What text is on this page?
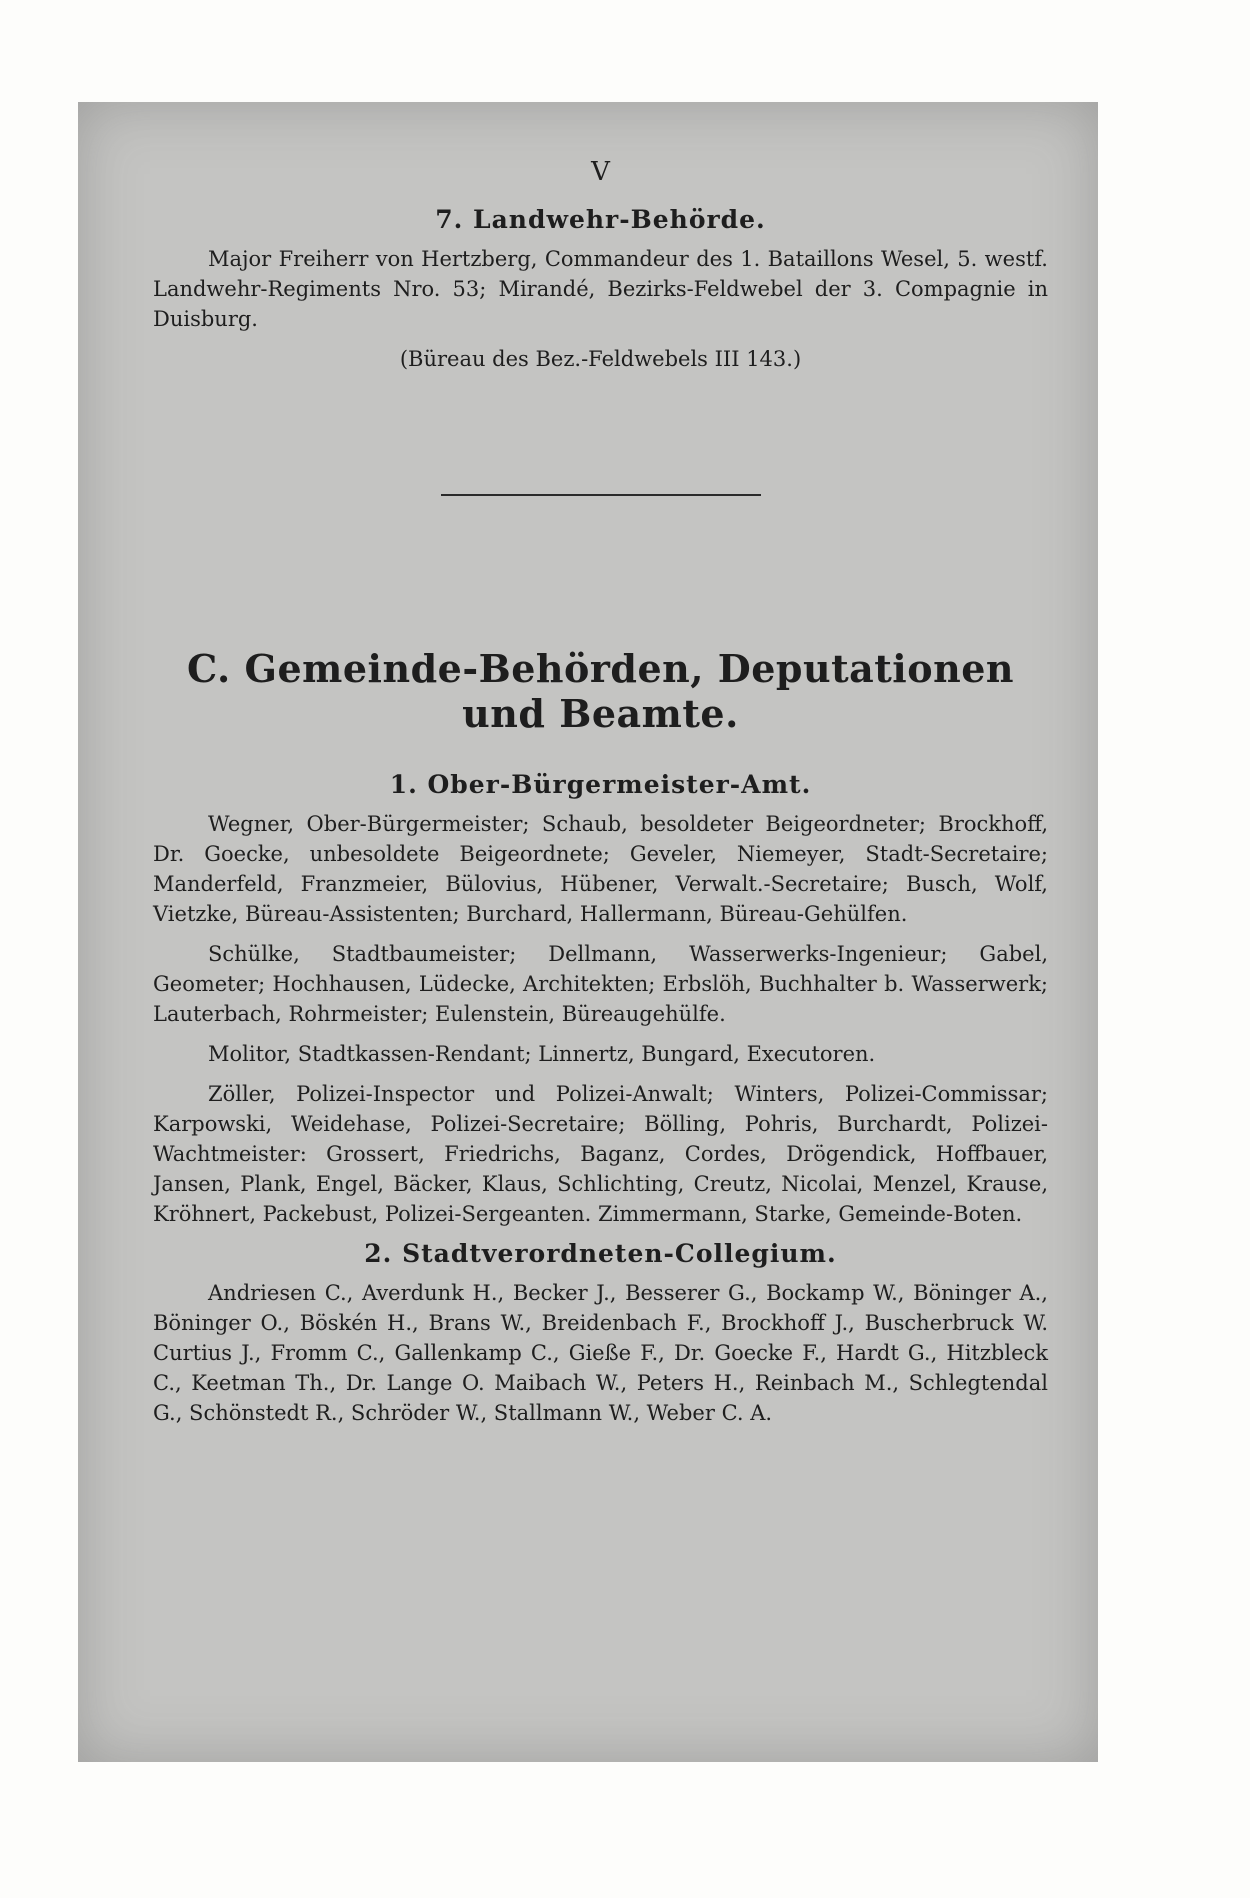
V
7. Landwehr-Behörde.

Major Freiherr von Hertzberg, Commandeur des 1. Bataillons Wesel, 5. westf. Landwehr-Regiments Nro. 53; Mirandé, Bezirks-Feldwebel der 3. Compagnie in Duisburg.

(Büreau des Bez.-Feldwebels III 143.)

C. Gemeinde-Behörden, Deputationen und Beamte.
1. Ober-Bürgermeister-Amt.

Wegner, Ober-Bürgermeister; Schaub, besoldeter Beigeordneter; Brockhoff, Dr. Goecke, unbesoldete Beigeordnete; Geveler, Niemeyer, Stadt-Secretaire; Manderfeld, Franzmeier, Bülovius, Hübener, Verwalt.-Secretaire; Busch, Wolf, Vietzke, Büreau-Assistenten; Burchard, Hallermann, Büreau-Gehülfen.

Schülke, Stadtbaumeister; Dellmann, Wasserwerks-Ingenieur; Gabel, Geometer; Hochhausen, Lüdecke, Architekten; Erbslöh, Buchhalter b. Wasserwerk; Lauterbach, Rohrmeister; Eulenstein, Büreaugehülfe.

Molitor, Stadtkassen-Rendant; Linnertz, Bungard, Executoren.

Zöller, Polizei-Inspector und Polizei-Anwalt; Winters, Polizei-Commissar; Karpowski, Weidehase, Polizei-Secretaire; Bölling, Pohris, Burchardt, Polizei-Wachtmeister: Grossert, Friedrichs, Baganz, Cordes, Drögendick, Hoffbauer, Jansen, Plank, Engel, Bäcker, Klaus, Schlichting, Creutz, Nicolai, Menzel, Krause, Kröhnert, Packebust, Polizei-Sergeanten. Zimmermann, Starke, Gemeinde-Boten.

2. Stadtverordneten-Collegium.

Andriesen C., Averdunk H., Becker J., Besserer G., Bockamp W., Böninger A., Böninger O., Böskén H., Brans W., Breidenbach F., Brockhoff J., Buscherbruck W. Curtius J., Fromm C., Gallenkamp C., Gieße F., Dr. Goecke F., Hardt G., Hitzbleck C., Keetman Th., Dr. Lange O. Maibach W., Peters H., Reinbach M., Schlegtendal G., Schönstedt R., Schröder W., Stallmann W., Weber C. A.
